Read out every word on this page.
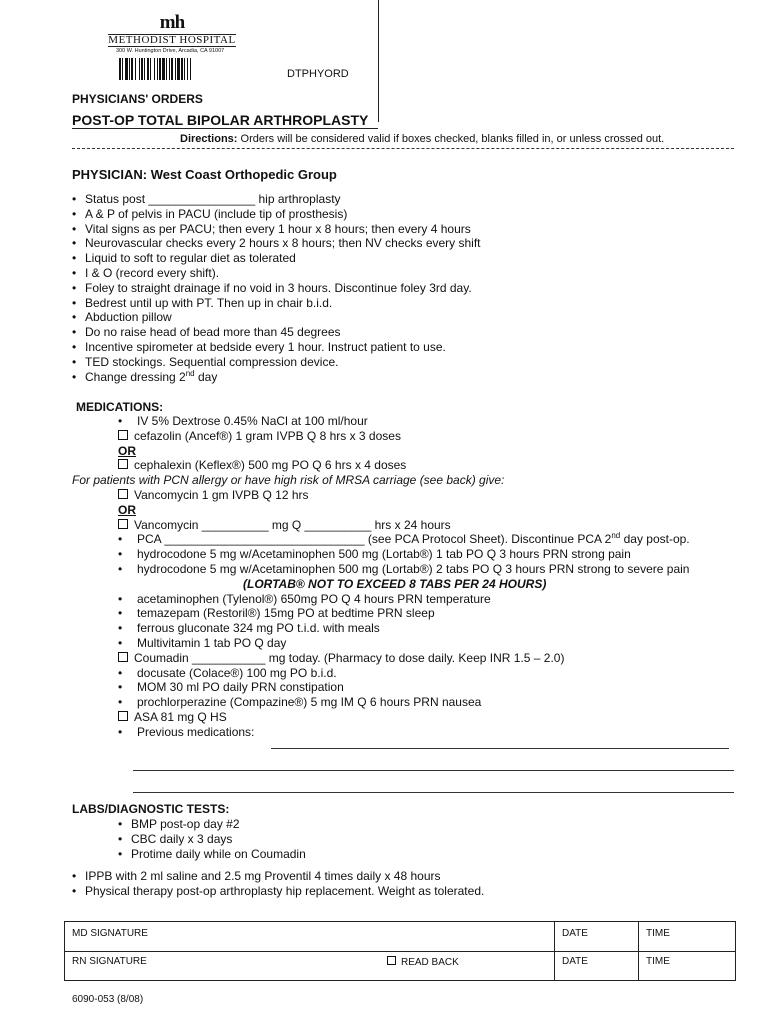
mh
METHODIST HOSPITAL
300 W. Huntington Drive, Arcadia, CA 91007
DTPHYORD
PHYSICIANS' ORDERS
POST-OP TOTAL BIPOLAR ARTHROPLASTY
Directions: Orders will be considered valid if boxes checked, blanks filled in, or unless crossed out.
PHYSICIAN: West Coast Orthopedic Group
• Status post ________________ hip arthroplasty
• A & P of pelvis in PACU (include tip of prosthesis)
• Vital signs as per PACU; then every 1 hour x 8 hours; then every 4 hours
• Neurovascular checks every 2 hours x 8 hours; then NV checks every shift
• Liquid to soft to regular diet as tolerated
• I & O (record every shift).
• Foley to straight drainage if no void in 3 hours. Discontinue foley 3rd day.
• Bedrest until up with PT. Then up in chair b.i.d.
• Abduction pillow
• Do no raise head of bead more than 45 degrees
• Incentive spirometer at bedside every 1 hour. Instruct patient to use.
• TED stockings. Sequential compression device.
• Change dressing 2nd day
MEDICATIONS:
• IV 5% Dextrose 0.45% NaCl at 100 ml/hour
cefazolin (Ancef®) 1 gram IVPB Q 8 hrs x 3 doses
OR
cephalexin (Keflex®) 500 mg PO Q 6 hrs x 4 doses
For patients with PCN allergy or have high risk of MRSA carriage (see back) give:
Vancomycin 1 gm IVPB Q 12 hrs
OR
Vancomycin __________ mg Q __________ hrs x 24 hours
• PCA ______________________________ (see PCA Protocol Sheet). Discontinue PCA 2nd day post-op.
• hydrocodone 5 mg w/Acetaminophen 500 mg (Lortab®) 1 tab PO Q 3 hours PRN strong pain
• hydrocodone 5 mg w/Acetaminophen 500 mg (Lortab®) 2 tabs PO Q 3 hours PRN strong to severe pain
(LORTAB® NOT TO EXCEED 8 TABS PER 24 HOURS)
• acetaminophen (Tylenol®) 650mg PO Q 4 hours PRN temperature
• temazepam (Restoril®) 15mg PO at bedtime PRN sleep
• ferrous gluconate 324 mg PO t.i.d. with meals
• Multivitamin 1 tab PO Q day
Coumadin ___________ mg today. (Pharmacy to dose daily. Keep INR 1.5 – 2.0)
• docusate (Colace®) 100 mg PO b.i.d.
• MOM 30 ml PO daily PRN constipation
• prochlorperazine (Compazine®) 5 mg IM Q 6 hours PRN nausea
ASA 81 mg Q HS
• Previous medications:
LABS/DIAGNOSTIC TESTS:
• BMP post-op day #2
• CBC daily x 3 days
• Protime daily while on Coumadin
• IPPB with 2 ml saline and 2.5 mg Proventil 4 times daily x 48 hours
• Physical therapy post-op arthroplasty hip replacement. Weight as tolerated.
MD SIGNATURE	DATE	TIME
RN SIGNATURE	READ BACK	DATE	TIME
6090-053 (8/08)
